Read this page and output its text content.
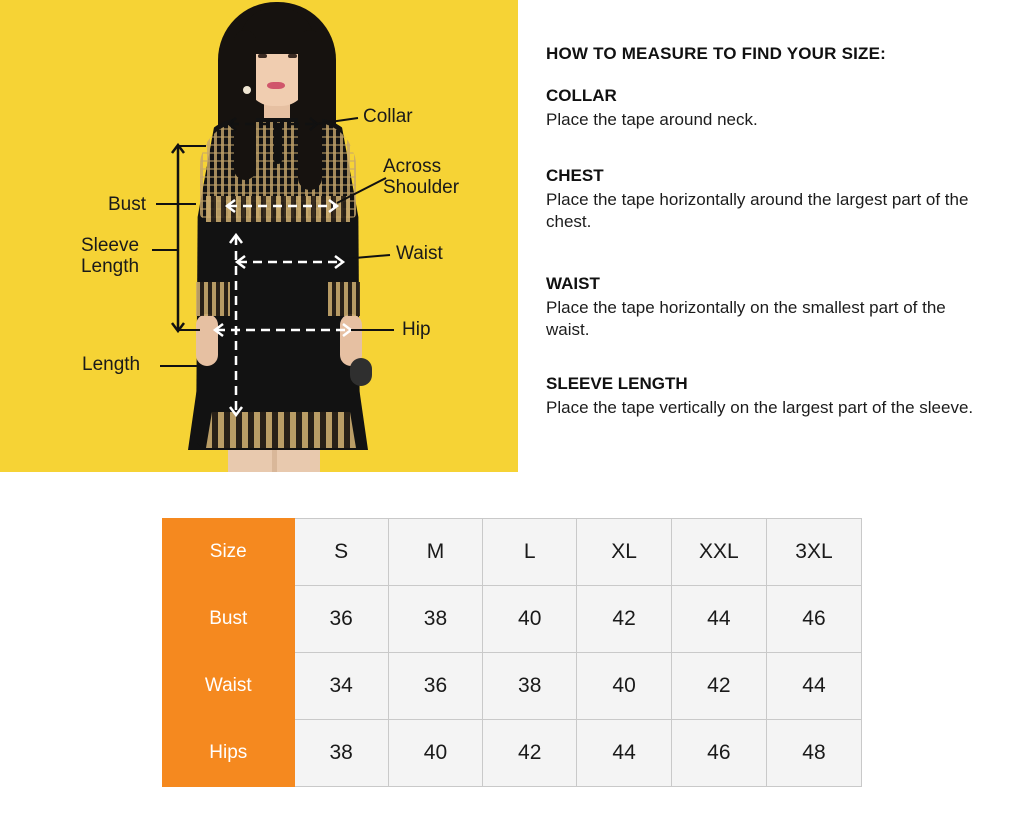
Collar
Across
Shoulder
Bust
Sleeve
Length
Waist
Hip
Length
HOW TO MEASURE TO FIND YOUR SIZE:

COLLAR

Place the tape around neck.

CHEST

Place the tape horizontally around the largest part of the chest.

WAIST

Place the tape horizontally on the smallest part of the waist.

SLEEVE LENGTH

Place the tape vertically on the largest part of the sleeve.

Size	S	M	L	XL	XXL	3XL
Bust	36	38	40	42	44	46
Waist	34	36	38	40	42	44
Hips	38	40	42	44	46	48
